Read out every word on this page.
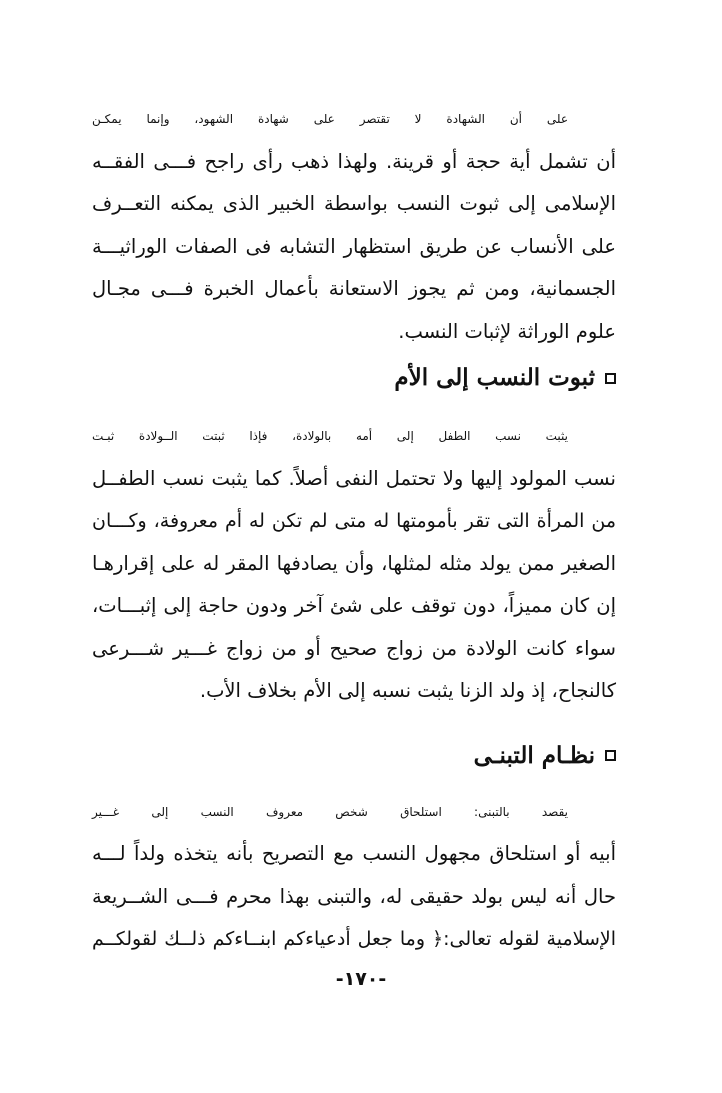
على أن الشهادة لا تقتصر على شهادة الشهود، وإنما يمكـن
أن تشمل أية حجة أو قرينة. ولهذا ذهب رأى راجح فـــى الفقــه
الإسلامى إلى ثبوت النسب بواسطة الخبير الذى يمكنه التعــرف
على الأنساب عن طريق استظهار التشابه فى الصفات الوراثيـــة
الجسمانية، ومن ثم يجوز الاستعانة بأعمال الخبرة فـــى مجـال
علوم الوراثة لإثبات النسب.

ثبوت النسب إلى الأم

يثبت نسب الطفل إلى أمه بالولادة، فإذا ثبتت الــولادة ثبـت
نسب المولود إليها ولا تحتمل النفى أصلاً. كما يثبت نسب الطفــل
من المرأة التى تقر بأمومتها له متى لم تكن له أم معروفة، وكـــان
الصغير ممن يولد مثله لمثلها، وأن يصادفها المقر له على إقرارهـا
إن كان مميزاً، دون توقف على شئ آخر ودون حاجة إلى إثبـــات،
سواء كانت الولادة من زواج صحيح أو من زواج غـــير شـــرعى
كالنجاح، إذ ولد الزنا يثبت نسبه إلى الأم بخلاف الأب.

نظـام التبنـى

يقصد بالتبنى: استلحاق شخص معروف النسب إلى غـــير
أبيه أو استلحاق مجهول النسب مع التصريح بأنه يتخذه ولداً لـــه
حال أنه ليس بولد حقيقى له، والتبنى بهذا محرم فـــى الشــريعة
الإسلامية لقوله تعالى:﴿ وما جعل أدعياءكم ابنــاءكم ذلــك لقولكــم

-١٧٠-
